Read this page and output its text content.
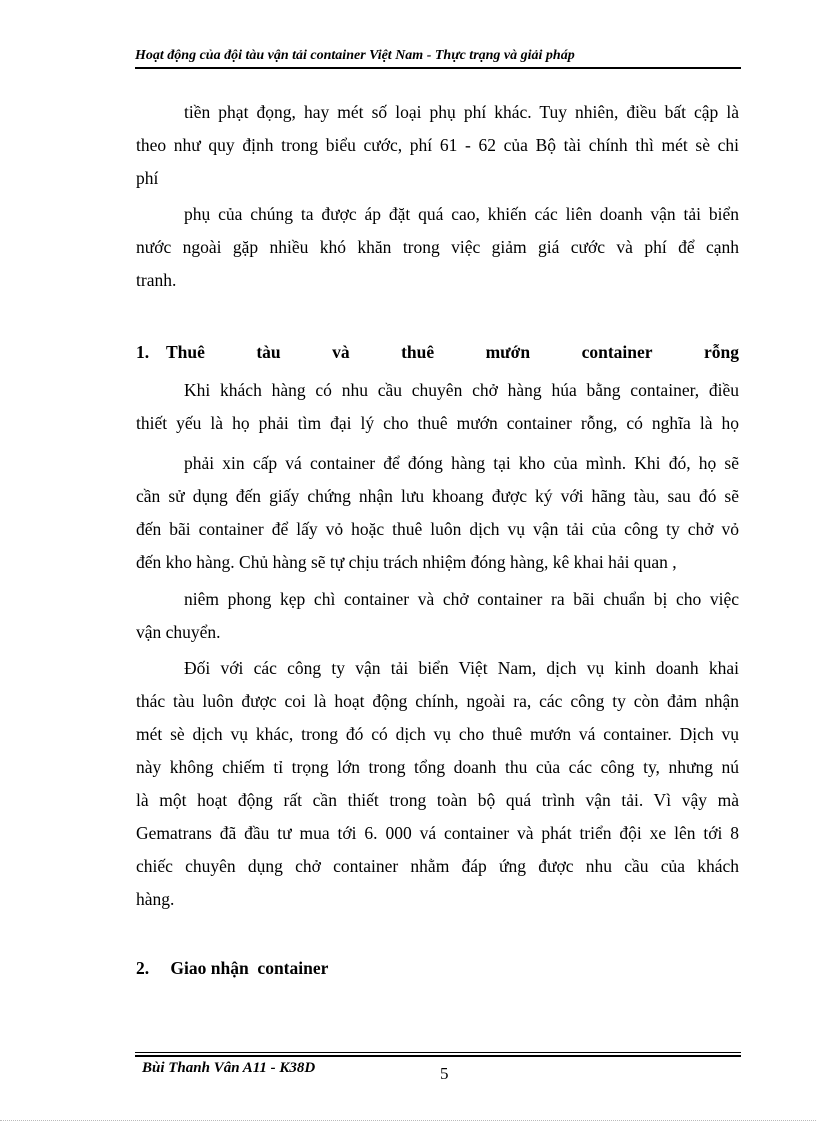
Hoạt động của đội tàu vận tải container Việt Nam - Thực trạng và giải pháp
tiền phạt đọng, hay mét số loại phụ phí khác. Tuy nhiên, điều bất cập là
theo như quy định trong biểu cước, phí 61 - 62 của Bộ tài chính thì mét sè chi
phí
phụ của chúng ta được áp đặt quá cao, khiến các liên doanh vận tải biển
nước ngoài gặp nhiều khó khăn trong việc giảm giá cước và phí để cạnh
tranh.
1. Thuê	tàu	và	thuê	mướn	container	rỗng
Khi khách hàng có nhu cầu chuyên chở hàng húa bằng container, điều
thiết yếu là họ phải tìm đại lý cho thuê mướn container rỗng, có nghĩa là họ
phải xin cấp vá container để đóng hàng tại kho của mình. Khi đó, họ sẽ
cần sử dụng đến giấy chứng nhận lưu khoang được ký với hãng tàu, sau đó sẽ
đến bãi container để lấy vỏ hoặc thuê luôn dịch vụ vận tải của công ty chở vỏ
đến kho hàng. Chủ hàng sẽ tự chịu trách nhiệm đóng hàng, kê khai hải quan ,
niêm phong kẹp chì container và chở container ra bãi chuẩn bị cho việc
vận chuyển.
Đối với các công ty vận tải biển Việt Nam, dịch vụ kinh doanh khai
thác tàu luôn được coi là hoạt động chính, ngoài ra, các công ty còn đảm nhận
mét sè dịch vụ khác, trong đó có dịch vụ cho thuê mướn vá container. Dịch vụ
này không chiếm tỉ trọng lớn trong tổng doanh thu của các công ty, nhưng nú
là một hoạt động rất cần thiết trong toàn bộ quá trình vận tải. Vì vậy mà
Gematrans đã đầu tư mua tới 6. 000 vá container và phát triển đội xe lên tới 8
chiếc chuyên dụng chở container nhằm đáp ứng được nhu cầu của khách
hàng.
2. Giao nhận  container
Bùi Thanh Vân A11 - K38D	5
